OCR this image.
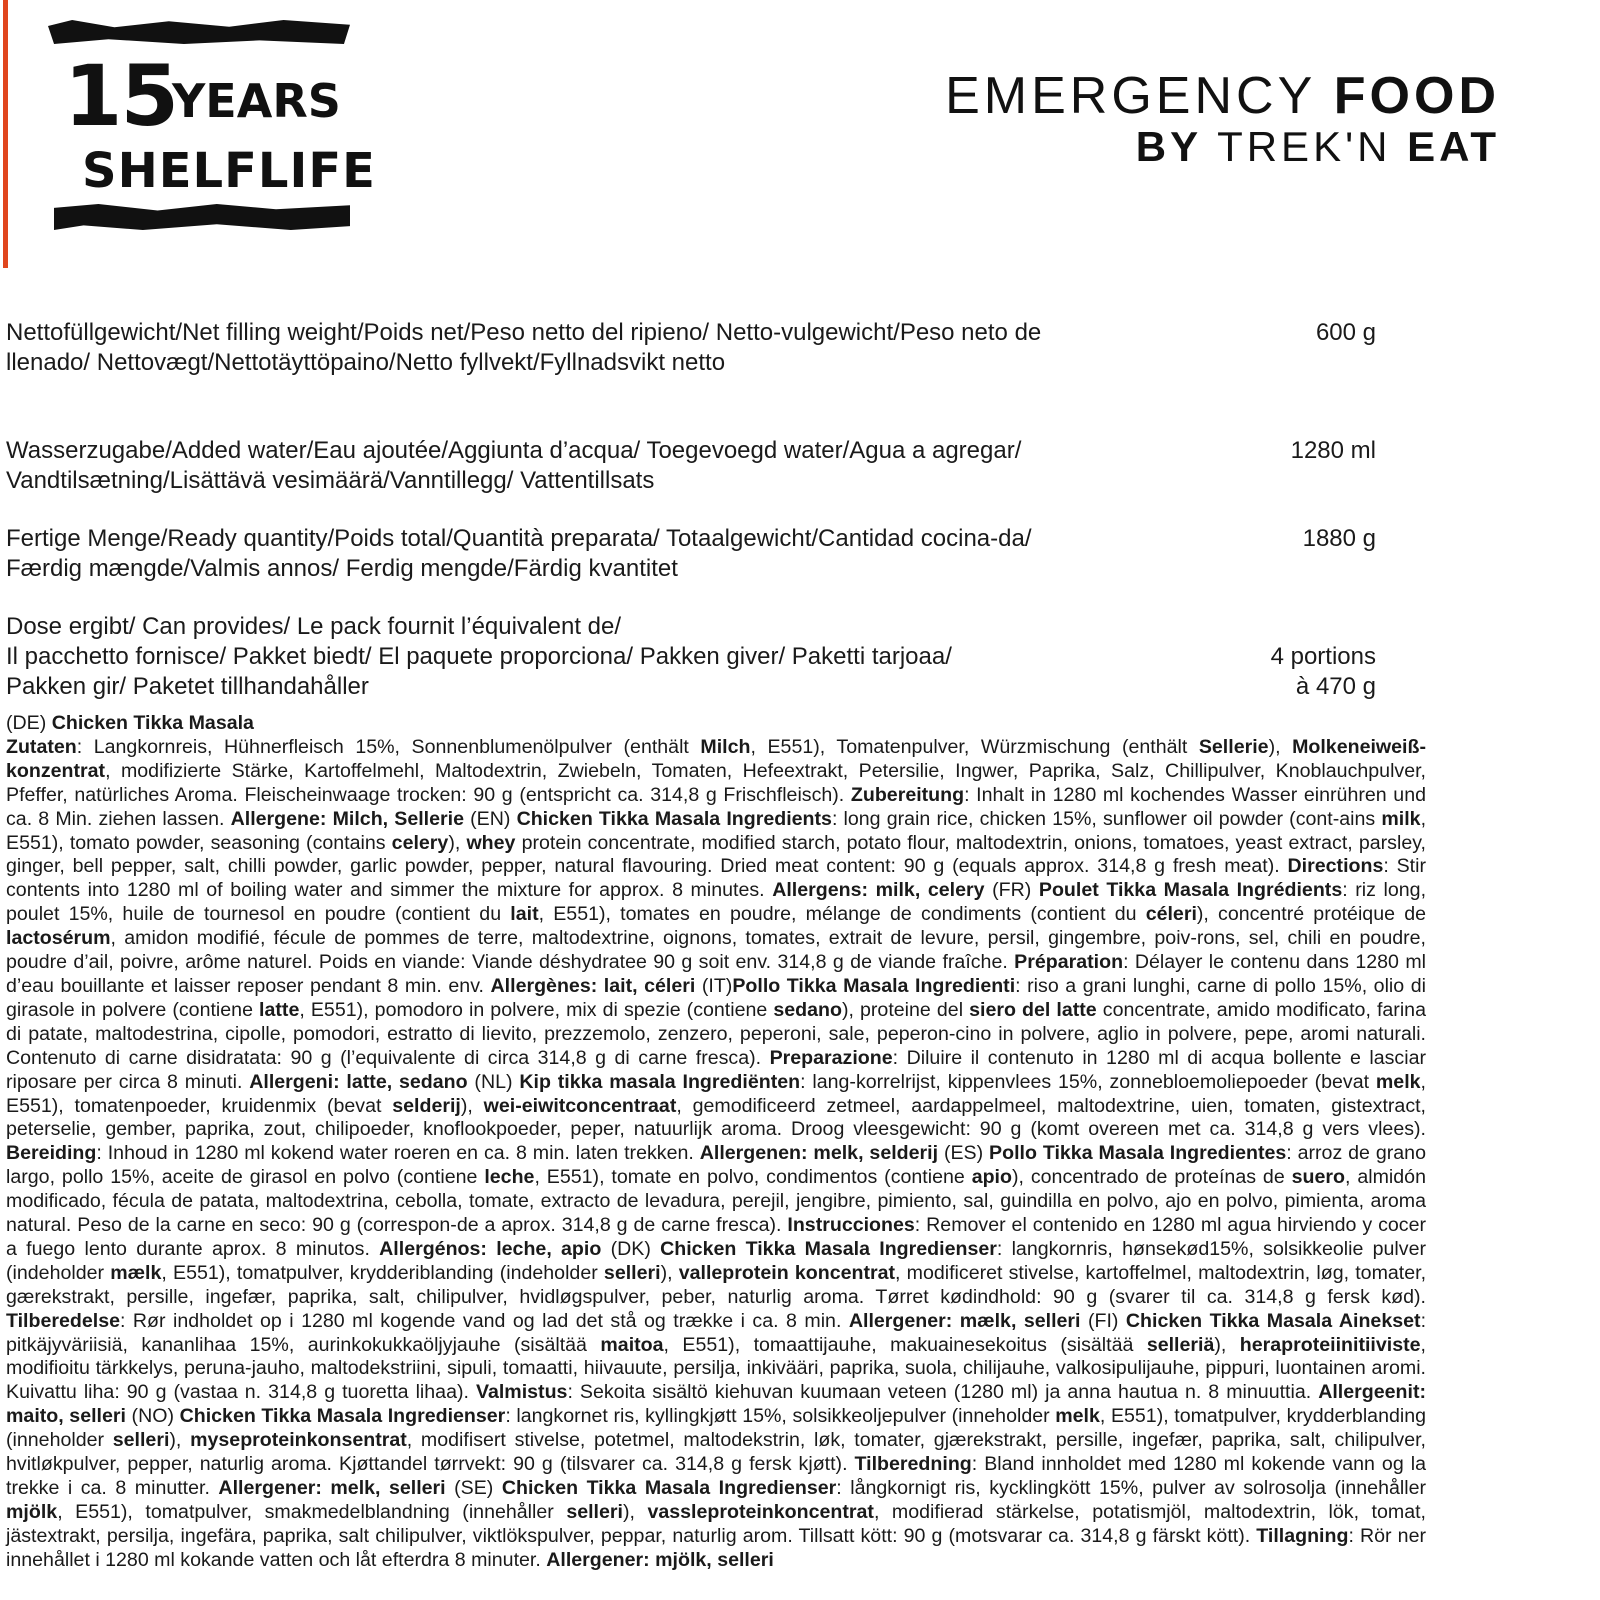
15
YEARS
SHELFLIFE
EMERGENCY FOOD
BY TREK'N EAT
Nettofüllgewicht/Net filling weight/Poids net/Peso netto del ripieno/ Netto-vulgewicht/Peso neto de llenado/ Nettovægt/Nettotäyttöpaino/Netto fyllvekt/Fyllnadsvikt netto
600 g
Wasserzugabe/Added water/Eau ajoutée/Aggiunta d’acqua/ Toegevoegd water/Agua a agregar/ Vandtilsætning/Lisättävä vesimäärä/Vanntillegg/ Vattentillsats
1280 ml
Fertige Menge/Ready quantity/Poids total/Quantità preparata/ Totaalgewicht/Cantidad cocina-da/ Færdig mængde/Valmis annos/ Ferdig mengde/Färdig kvantitet
1880 g
Dose ergibt/ Can provides/ Le pack fournit l’équivalent de/
Il pacchetto fornisce/ Pakket biedt/ El paquete proporciona/ Pakken giver/ Paketti tarjoaa/
Pakken gir/ Paketet tillhandahåller
4 portions
à 470 g

(DE) Chicken Tikka Masala

Zutaten: Langkornreis, Hühnerfleisch 15%, Sonnenblumenölpulver (enthält Milch, E551), Tomatenpulver, Würzmischung (enthält Sellerie), Molkeneiweiß-konzentrat, modifizierte Stärke, Kartoffelmehl, Maltodextrin, Zwiebeln, Tomaten, Hefeextrakt, Petersilie, Ingwer, Paprika, Salz, Chillipulver, Knoblauchpulver, Pfeffer, natürliches Aroma. Fleischeinwaage trocken: 90 g (entspricht ca. 314,8 g Frischfleisch). Zubereitung: Inhalt in 1280 ml kochendes Wasser einrühren und ca. 8 Min. ziehen lassen. Allergene: Milch, Sellerie (EN) Chicken Tikka Masala Ingredients: long grain rice, chicken 15%, sunflower oil powder (cont-ains milk, E551), tomato powder, seasoning (contains celery), whey protein concentrate, modified starch, potato flour, maltodextrin, onions, tomatoes, yeast extract, parsley, ginger, bell pepper, salt, chilli powder, garlic powder, pepper, natural flavouring. Dried meat content: 90 g (equals approx. 314,8 g fresh meat). Directions: Stir contents into 1280 ml of boiling water and simmer the mixture for approx. 8 minutes. Allergens: milk, celery (FR) Poulet Tikka Masala Ingrédients: riz long, poulet 15%, huile de tournesol en poudre (contient du lait, E551), tomates en poudre, mélange de condiments (contient du céleri), concentré protéique de lactosérum, amidon modifié, fécule de pommes de terre, maltodextrine, oignons, tomates, extrait de levure, persil, gingembre, poiv-rons, sel, chili en poudre, poudre d’ail, poivre, arôme naturel. Poids en viande: Viande déshydratee 90 g soit env. 314,8 g de viande fraîche. Préparation: Délayer le contenu dans 1280 ml d’eau bouillante et laisser reposer pendant 8 min. env. Allergènes: lait, céleri (IT)Pollo Tikka Masala Ingredienti: riso a grani lunghi, carne di pollo 15%, olio di girasole in polvere (contiene latte, E551), pomodoro in polvere, mix di spezie (contiene sedano), proteine del siero del latte concentrate, amido modificato, farina di patate, maltodestrina, cipolle, pomodori, estratto di lievito, prezzemolo, zenzero, peperoni, sale, peperon-cino in polvere, aglio in polvere, pepe, aromi naturali. Contenuto di carne disidratata: 90 g (l’equivalente di circa 314,8 g di carne fresca). Preparazione: Diluire il contenuto in 1280 ml di acqua bollente e lasciar riposare per circa 8 minuti. Allergeni: latte, sedano (NL) Kip tikka masala Ingrediënten: lang-korrelrijst, kippenvlees 15%, zonnebloemoliepoeder (bevat melk, E551), tomatenpoeder, kruidenmix (bevat selderij), wei-eiwitconcentraat, gemodificeerd zetmeel, aardappelmeel, maltodextrine, uien, tomaten, gistextract, peterselie, gember, paprika, zout, chilipoeder, knoflookpoeder, peper, natuurlijk aroma. Droog vleesgewicht: 90 g (komt overeen met ca. 314,8 g vers vlees). Bereiding: Inhoud in 1280 ml kokend water roeren en ca. 8 min. laten trekken. Allergenen: melk, selderij (ES) Pollo Tikka Masala Ingredientes: arroz de grano largo, pollo 15%, aceite de girasol en polvo (contiene leche, E551), tomate en polvo, condimentos (contiene apio), concentrado de proteínas de suero, almidón modificado, fécula de patata, maltodextrina, cebolla, tomate, extracto de levadura, perejil, jengibre, pimiento, sal, guindilla en polvo, ajo en polvo, pimienta, aroma natural. Peso de la carne en seco: 90 g (correspon-de a aprox. 314,8 g de carne fresca). Instrucciones: Remover el contenido en 1280 ml agua hirviendo y cocer a fuego lento durante aprox. 8 minutos. Allergénos: leche, apio (DK) Chicken Tikka Masala Ingredienser: langkornris, hønsekød15%, solsikkeolie pulver (indeholder mælk, E551), tomatpulver, krydderiblanding (indeholder selleri), valleprotein koncentrat, modificeret stivelse, kartoffelmel, maltodextrin, løg, tomater, gærekstrakt, persille, ingefær, paprika, salt, chilipulver, hvidløgspulver, peber, naturlig aroma. Tørret kødindhold: 90 g (svarer til ca. 314,8 g fersk kød). Tilberedelse: Rør indholdet op i 1280 ml kogende vand og lad det stå og trække i ca. 8 min. Allergener: mælk, selleri (FI) Chicken Tikka Masala Ainekset: pitkäjyväriisiä, kananlihaa 15%, aurinkokukkaöljyjauhe (sisältää maitoa, E551), tomaattijauhe, makuainesekoitus (sisältää selleriä), heraproteiinitiiviste, modifioitu tärkkelys, peruna-jauho, maltodekstriini, sipuli, tomaatti, hiivauute, persilja, inkivääri, paprika, suola, chilijauhe, valkosipulijauhe, pippuri, luontainen aromi. Kuivattu liha: 90 g (vastaa n. 314,8 g tuoretta lihaa). Valmistus: Sekoita sisältö kiehuvan kuumaan veteen (1280 ml) ja anna hautua n. 8 minuuttia. Allergeenit: maito, selleri (NO) Chicken Tikka Masala Ingredienser: langkornet ris, kyllingkjøtt 15%, solsikkeoljepulver (inneholder melk, E551), tomatpulver, krydderblanding (inneholder selleri), myseproteinkonsentrat, modifisert stivelse, potetmel, maltodekstrin, løk, tomater, gjærekstrakt, persille, ingefær, paprika, salt, chilipulver, hvitløkpulver, pepper, naturlig aroma. Kjøttandel tørrvekt: 90 g (tilsvarer ca. 314,8 g fersk kjøtt). Tilberedning: Bland innholdet med 1280 ml kokende vann og la trekke i ca. 8 minutter. Allergener: melk, selleri (SE) Chicken Tikka Masala Ingredienser: långkornigt ris, kycklingkött 15%, pulver av solrosolja (innehåller mjölk, E551), tomatpulver, smakmedelblandning (innehåller selleri), vassleproteinkoncentrat, modifierad stärkelse, potatismjöl, maltodextrin, lök, tomat, jästextrakt, persilja, ingefära, paprika, salt chilipulver, viktlökspulver, peppar, naturlig arom. Tillsatt kött: 90 g (motsvarar ca. 314,8 g färskt kött). Tillagning: Rör ner innehållet i 1280 ml kokande vatten och låt efterdra 8 minuter. Allergener: mjölk, selleri
